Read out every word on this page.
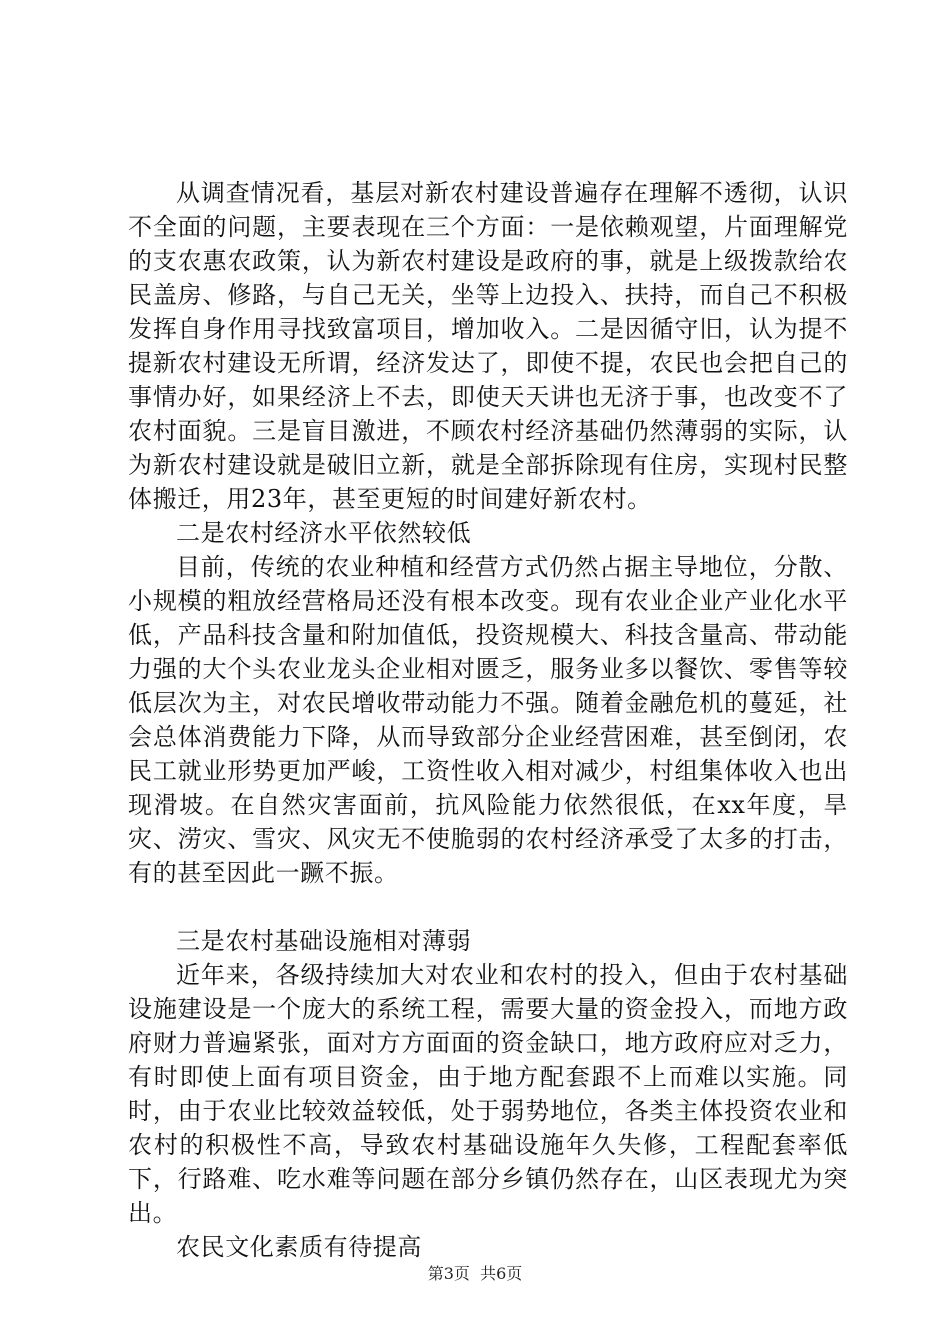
从调查情况看，基层对新农村建设普遍存在理解不透彻，认识不全面的问题，主要表现在三个方面：一是依赖观望，片面理解党的支农惠农政策，认为新农村建设是政府的事，就是上级拨款给农民盖房、修路，与自己无关，坐等上边投入、扶持，而自己不积极发挥自身作用寻找致富项目，增加收入。二是因循守旧，认为提不提新农村建设无所谓，经济发达了，即使不提，农民也会把自己的事情办好，如果经济上不去，即使天天讲也无济于事，也改变不了农村面貌。三是盲目激进，不顾农村经济基础仍然薄弱的实际，认为新农村建设就是破旧立新，就是全部拆除现有住房，实现村民整体搬迁，用23年，甚至更短的时间建好新农村。

二是农村经济水平依然较低

目前，传统的农业种植和经营方式仍然占据主导地位，分散、小规模的粗放经营格局还没有根本改变。现有农业企业产业化水平低，产品科技含量和附加值低，投资规模大、科技含量高、带动能力强的大个头农业龙头企业相对匮乏，服务业多以餐饮、零售等较低层次为主，对农民增收带动能力不强。随着金融危机的蔓延，社会总体消费能力下降，从而导致部分企业经营困难，甚至倒闭，农民工就业形势更加严峻，工资性收入相对减少，村组集体收入也出现滑坡。在自然灾害面前，抗风险能力依然很低，在xx年度，旱灾、涝灾、雪灾、风灾无不使脆弱的农村经济承受了太多的打击，有的甚至因此一蹶不振。

三是农村基础设施相对薄弱

近年来，各级持续加大对农业和农村的投入，但由于农村基础设施建设是一个庞大的系统工程，需要大量的资金投入，而地方政府财力普遍紧张，面对方方面面的资金缺口，地方政府应对乏力，有时即使上面有项目资金，由于地方配套跟不上而难以实施。同时，由于农业比较效益较低，处于弱势地位，各类主体投资农业和农村的积极性不高，导致农村基础设施年久失修，工程配套率低下，行路难、吃水难等问题在部分乡镇仍然存在，山区表现尤为突出。

农民文化素质有待提高

第3页  共6页
